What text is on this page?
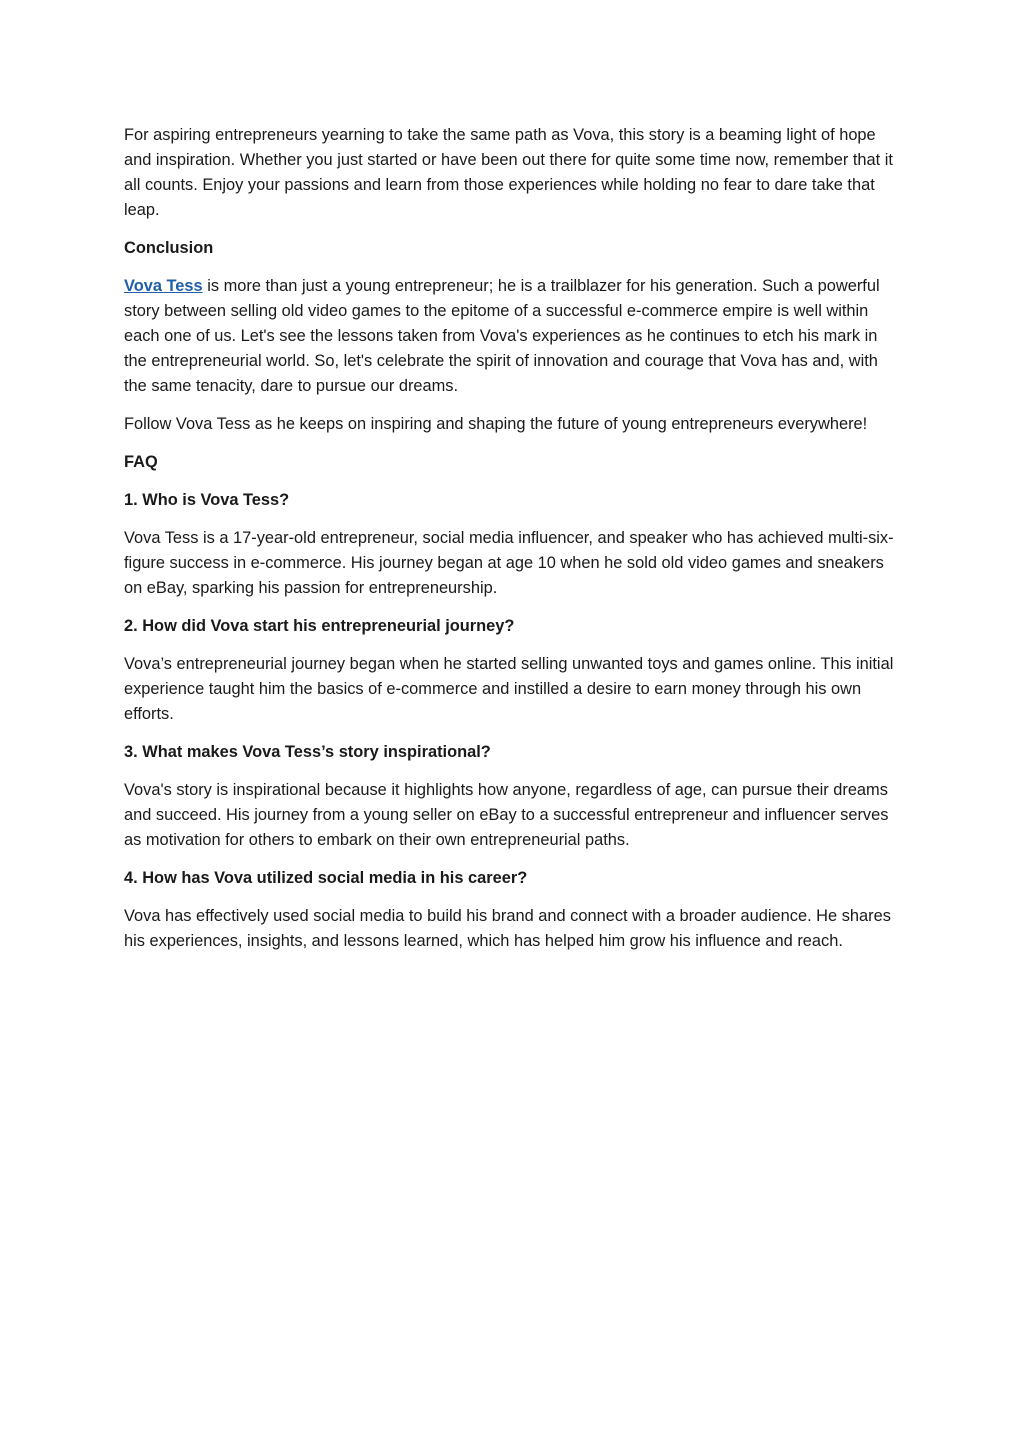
For aspiring entrepreneurs yearning to take the same path as Vova, this story is a beaming light of hope and inspiration. Whether you just started or have been out there for quite some time now, remember that it all counts. Enjoy your passions and learn from those experiences while holding no fear to dare take that leap.

Conclusion

Vova Tess is more than just a young entrepreneur; he is a trailblazer for his generation. Such a powerful story between selling old video games to the epitome of a successful e-commerce empire is well within each one of us. Let's see the lessons taken from Vova's experiences as he continues to etch his mark in the entrepreneurial world. So, let's celebrate the spirit of innovation and courage that Vova has and, with the same tenacity, dare to pursue our dreams.

Follow Vova Tess as he keeps on inspiring and shaping the future of young entrepreneurs everywhere!

FAQ
1. Who is Vova Tess?

Vova Tess is a 17-year-old entrepreneur, social media influencer, and speaker who has achieved multi-six-figure success in e-commerce. His journey began at age 10 when he sold old video games and sneakers on eBay, sparking his passion for entrepreneurship.

2. How did Vova start his entrepreneurial journey?

Vova’s entrepreneurial journey began when he started selling unwanted toys and games online. This initial experience taught him the basics of e-commerce and instilled a desire to earn money through his own efforts.

3. What makes Vova Tess’s story inspirational?

Vova's story is inspirational because it highlights how anyone, regardless of age, can pursue their dreams and succeed. His journey from a young seller on eBay to a successful entrepreneur and influencer serves as motivation for others to embark on their own entrepreneurial paths.

4. How has Vova utilized social media in his career?

Vova has effectively used social media to build his brand and connect with a broader audience. He shares his experiences, insights, and lessons learned, which has helped him grow his influence and reach.
